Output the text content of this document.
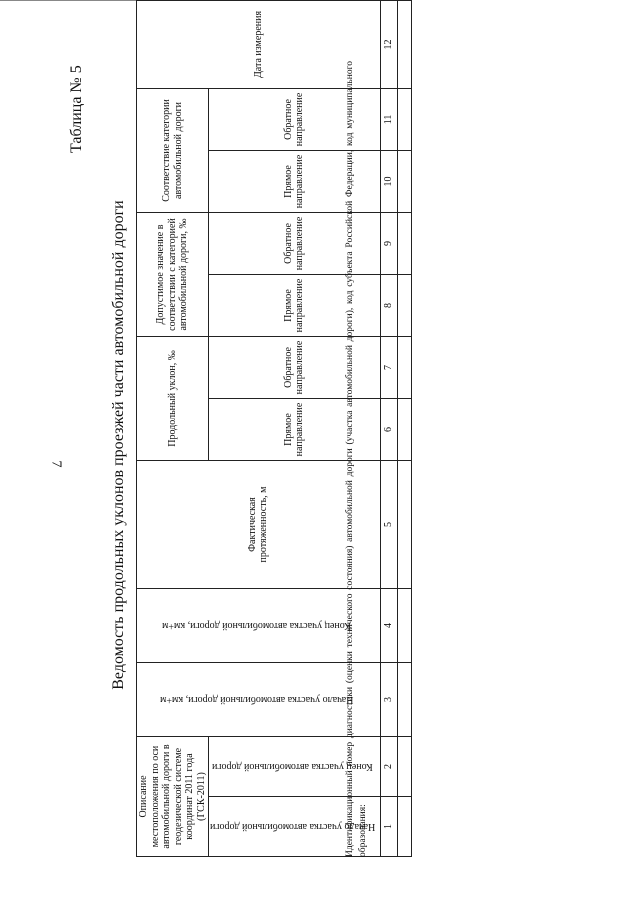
7
Таблица № 5
Ведомость продольных уклонов проезжей части автомобильной дороги
Описание местоположения по оси автомобильной дороги в геодезической системе координат 2011 года (ГСК-2011)		Начало участка автомобильной дороги, км+м	Конец участка автомобильной дороги, км+м	Фактическая протяженность, м	Продольный уклон, ‰		Допустимое значение в соответствии с категорией автомобильной дороги, ‰		Соответствие категории автомобильной дороги		Дата измерения
Начало участка автомобильной дороги	Конец участка автомобильной дороги				Прямое направление	Обратное направление	Прямое направление	Обратное направление	Прямое направление	Обратное направление	
1	2	3	4	5	6	7	8	9	10	11	12

Идентификационный номер диагностики (оценки технического состояния) автомобильной дороги (участка автомобильной дороги), код субъекта Российской Федерации, код муниципального образования:
